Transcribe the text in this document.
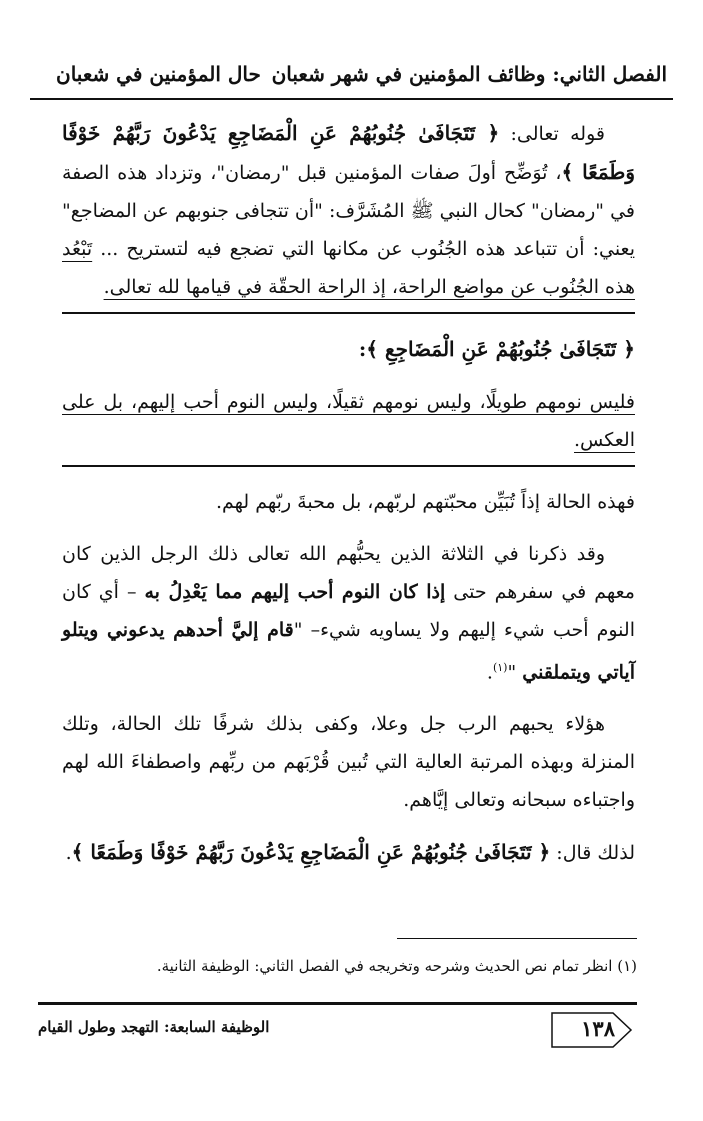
الفصل الثاني: وظائف المؤمنين في شهر شعبان
حال المؤمنين في شعبان

قوله تعالى: ﴿ تَتَجَافَىٰ جُنُوبُهُمْ عَنِ الْمَضَاجِعِ يَدْعُونَ رَبَّهُمْ خَوْفًا وَطَمَعًا ﴾، تُوَضِّح أولَ صفات المؤمنين قبل "رمضان"، وتزداد هذه الصفة في "رمضان" كحال النبي ﷺ المُشَرَّف: "أن تتجافى جنوبهم عن المضاجع" يعني: أن تتباعد هذه الجُنُوب عن مكانها التي تضجع فيه لتستريح ... تَبْعُد هذه الجُنُوب عن مواضع الراحة، إذ الراحة الحقّة في قيامها لله تعالى.

﴿ تَتَجَافَىٰ جُنُوبُهُمْ عَنِ الْمَضَاجِعِ ﴾:

فليس نومهم طويلًا، وليس نومهم ثقيلًا، وليس النوم أحب إليهم، بل على العكس.

فهذه الحالة إذاً تُبَيِّن محبّتهم لربّهم، بل محبةَ ربّهم لهم.

وقد ذكرنا في الثلاثة الذين يحبُّهم الله تعالى ذلك الرجل الذين كان معهم في سفرهم حتى إذا كان النوم أحب إليهم مما يَعْدِلُ به – أي كان النوم أحب شيء إليهم ولا يساويه شيء– "قام إليَّ أحدهم يدعوني ويتلو آياتي ويتملقني "$^{(١)}$.

هؤلاء يحبهم الرب جل وعلا، وكفى بذلك شرفًا تلك الحالة، وتلك المنزلة وبهذه المرتبة العالية التي تُبين قُرْبَهم من ربِّهم واصطفاءَ الله لهم واجتباءه سبحانه وتعالى إيَّاهم.

لذلك قال: ﴿ تَتَجَافَىٰ جُنُوبُهُمْ عَنِ الْمَضَاجِعِ يَدْعُونَ رَبَّهُمْ خَوْفًا وَطَمَعًا ﴾.

(١) انظر تمام نص الحديث وشرحه وتخريجه في الفصل الثاني: الوظيفة الثانية.
١٣٨
الوظيفة السابعة: التهجد وطول القيام
